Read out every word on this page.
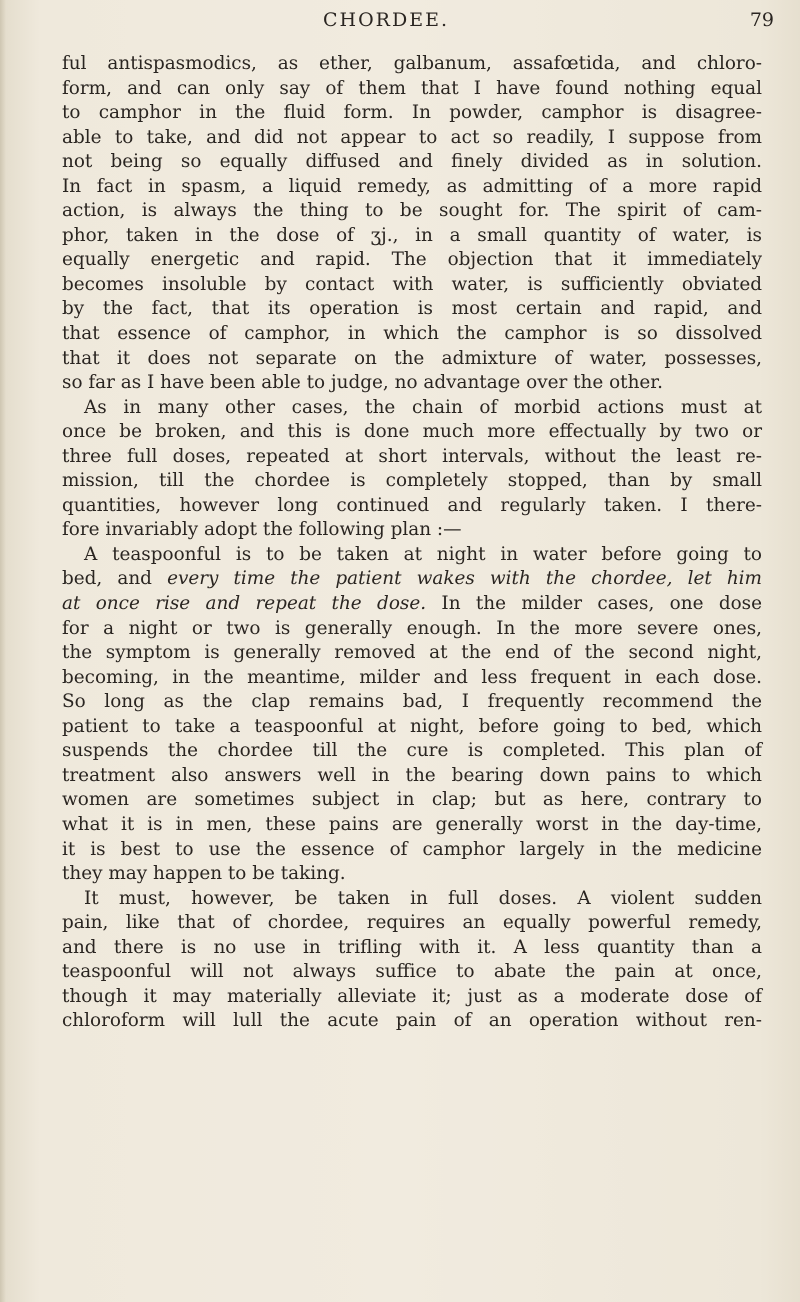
CHORDEE.	79
ful antispasmodics, as ether, galbanum, assafœtida, and chloro-
form, and can only say of them that I have found nothing equal
to camphor in the fluid form. In powder, camphor is disagree-
able to take, and did not appear to act so readily, I suppose from
not being so equally diffused and finely divided as in solution.
In fact in spasm, a liquid remedy, as admitting of a more rapid
action, is always the thing to be sought for. The spirit of cam-
phor, taken in the dose of ʒj., in a small quantity of water, is
equally energetic and rapid. The objection that it immediately
becomes insoluble by contact with water, is sufficiently obviated
by the fact, that its operation is most certain and rapid, and
that essence of camphor, in which the camphor is so dissolved
that it does not separate on the admixture of water, possesses,
so far as I have been able to judge, no advantage over the other.
As in many other cases, the chain of morbid actions must at
once be broken, and this is done much more effectually by two or
three full doses, repeated at short intervals, without the least re-
mission, till the chordee is completely stopped, than by small
quantities, however long continued and regularly taken. I there-
fore invariably adopt the following plan :—
A teaspoonful is to be taken at night in water before going to
bed, and every time the patient wakes with the chordee, let him
at once rise and repeat the dose. In the milder cases, one dose
for a night or two is generally enough. In the more severe ones,
the symptom is generally removed at the end of the second night,
becoming, in the meantime, milder and less frequent in each dose.
So long as the clap remains bad, I frequently recommend the
patient to take a teaspoonful at night, before going to bed, which
suspends the chordee till the cure is completed. This plan of
treatment also answers well in the bearing down pains to which
women are sometimes subject in clap; but as here, contrary to
what it is in men, these pains are generally worst in the day-time,
it is best to use the essence of camphor largely in the medicine
they may happen to be taking.
It must, however, be taken in full doses. A violent sudden
pain, like that of chordee, requires an equally powerful remedy,
and there is no use in trifling with it. A less quantity than a
teaspoonful will not always suffice to abate the pain at once,
though it may materially alleviate it; just as a moderate dose of
chloroform will lull the acute pain of an operation without ren-
